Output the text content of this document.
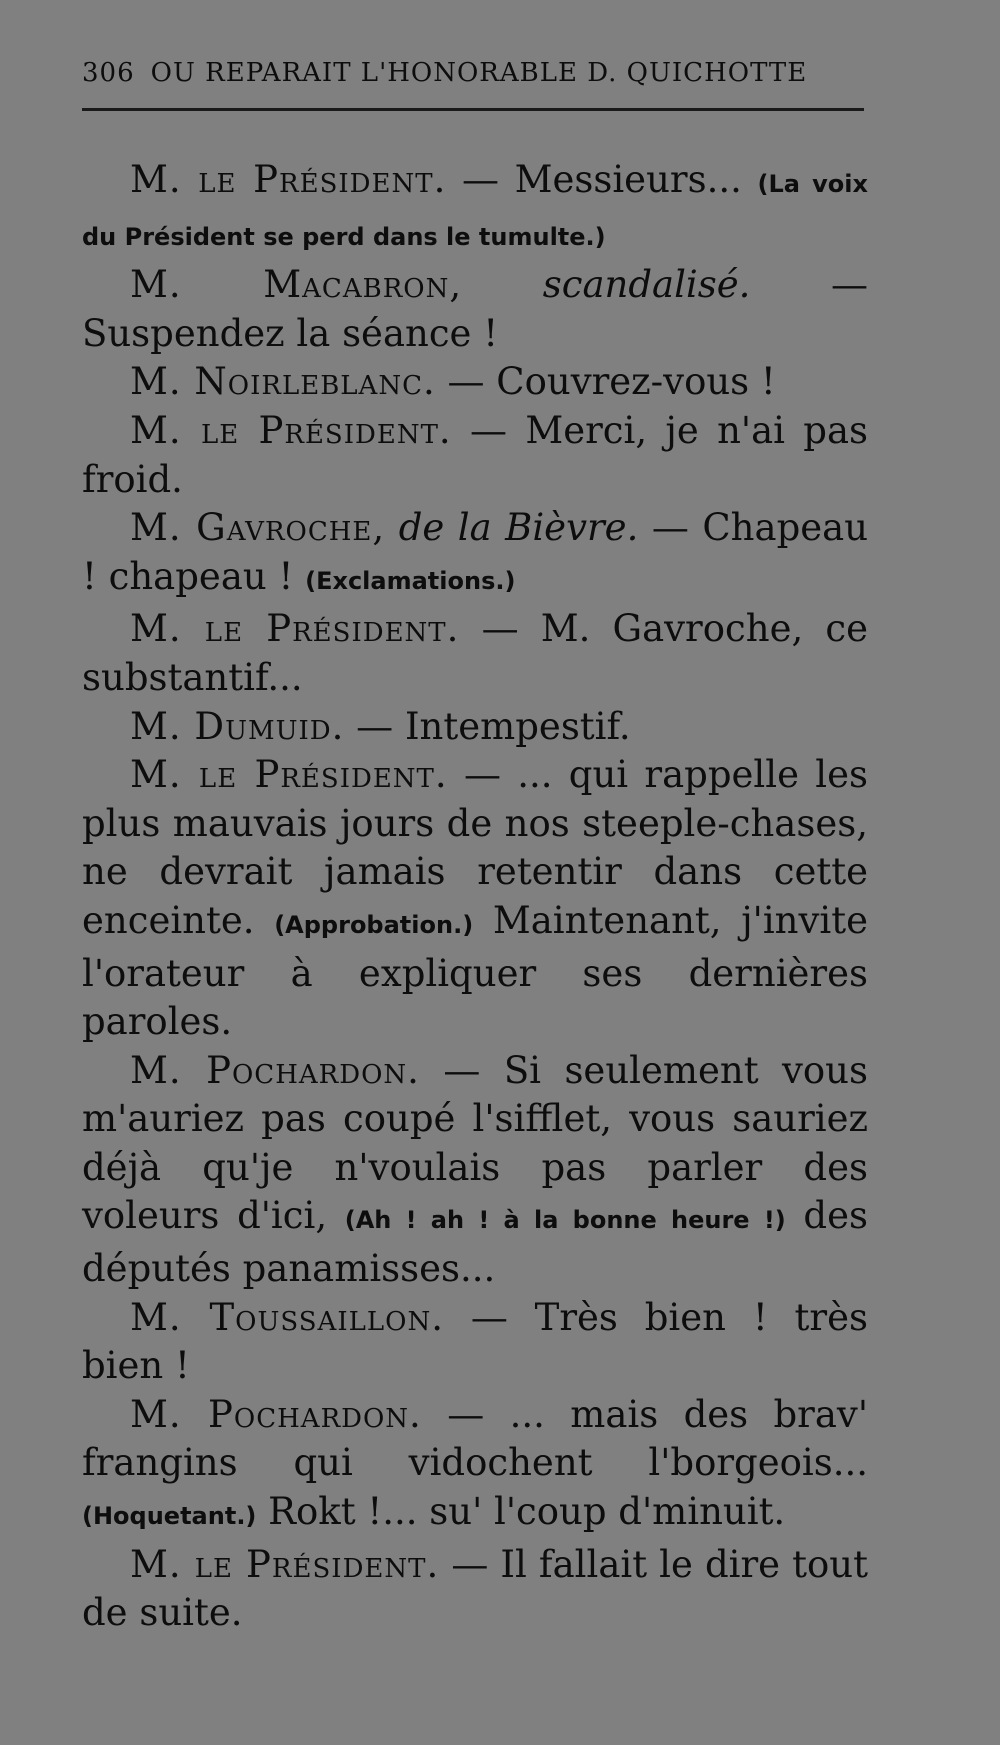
306 OU REPARAIT L'HONORABLE D. QUICHOTTE

M. le Président. — Messieurs... (La voix du Président se perd dans le tumulte.)

M. Macabron, scandalisé. — Suspendez la séance !

M. Noirleblanc. — Couvrez-vous !

M. le Président. — Merci, je n'ai pas froid.

M. Gavroche, de la Bièvre. — Chapeau ! chapeau ! (Exclamations.)

M. le Président. — M. Gavroche, ce substantif...

M. Dumuid. — Intempestif.

M. le Président. — ... qui rappelle les plus mauvais jours de nos steeple-chases, ne devrait jamais retentir dans cette enceinte. (Approbation.) Maintenant, j'invite l'orateur à expliquer ses dernières paroles.

M. Pochardon. — Si seulement vous m'auriez pas coupé l'sifflet, vous sauriez déjà qu'je n'voulais pas parler des voleurs d'ici, (Ah ! ah ! à la bonne heure !) des députés panamisses...

M. Toussaillon. — Très bien ! très bien !

M. Pochardon. — ... mais des brav' frangins qui vidochent l'borgeois... (Hoquetant.) Rokt !... su' l'coup d'minuit.

M. le Président. — Il fallait le dire tout de suite.
